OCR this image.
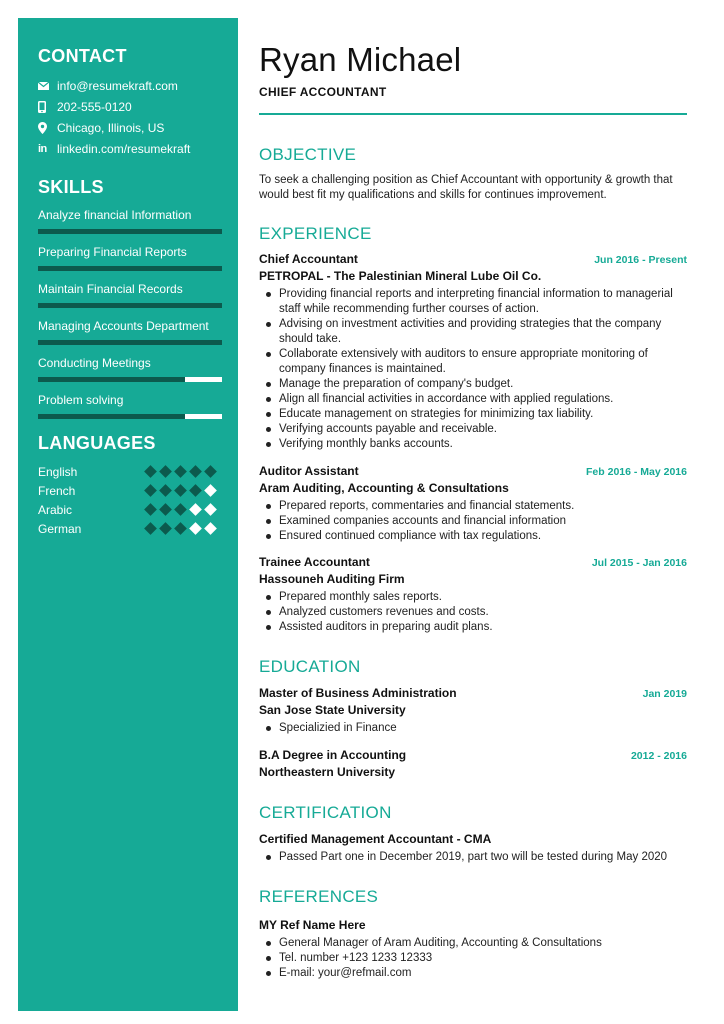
CONTACT
info@resumekraft.com
202-555-0120
Chicago, Illinois, US
in linkedin.com/resumekraft
SKILLS
Analyze financial Information
Preparing Financial Reports
Maintain Financial Records
Managing Accounts Department
Conducting Meetings
Problem solving
LANGUAGES
English
French
Arabic
German
Ryan Michael
CHIEF ACCOUNTANT
OBJECTIVE
To seek a challenging position as Chief Accountant with opportunity & growth that would best fit my qualifications and skills for continues improvement.
EXPERIENCE
Chief Accountant	Jun 2016 - Present
PETROPAL - The Palestinian Mineral Lube Oil Co.
Providing financial reports and interpreting financial information to managerial staff while recommending further courses of action.
Advising on investment activities and providing strategies that the company should take.
Collaborate extensively with auditors to ensure appropriate monitoring of company finances is maintained.
Manage the preparation of company's budget.
Align all financial activities in accordance with applied regulations.
Educate management on strategies for minimizing tax liability.
Verifying accounts payable and receivable.
Verifying monthly banks accounts.
Auditor Assistant	Feb 2016 - May 2016
Aram Auditing, Accounting & Consultations
Prepared reports, commentaries and financial statements.
Examined companies accounts and financial information
Ensured continued compliance with tax regulations.
Trainee Accountant	Jul 2015 - Jan 2016
Hassouneh Auditing Firm
Prepared monthly sales reports.
Analyzed customers revenues and costs.
Assisted auditors in preparing audit plans.
EDUCATION
Master of Business Administration	Jan 2019
San Jose State University
Specializied in Finance
B.A Degree in Accounting	2012 - 2016
Northeastern University
CERTIFICATION
Certified Management Accountant - CMA
Passed Part one in December 2019, part two will be tested during May 2020
REFERENCES
MY Ref Name Here
General Manager of Aram Auditing, Accounting & Consultations
Tel. number +123 1233 12333
E-mail: your@refmail.com
